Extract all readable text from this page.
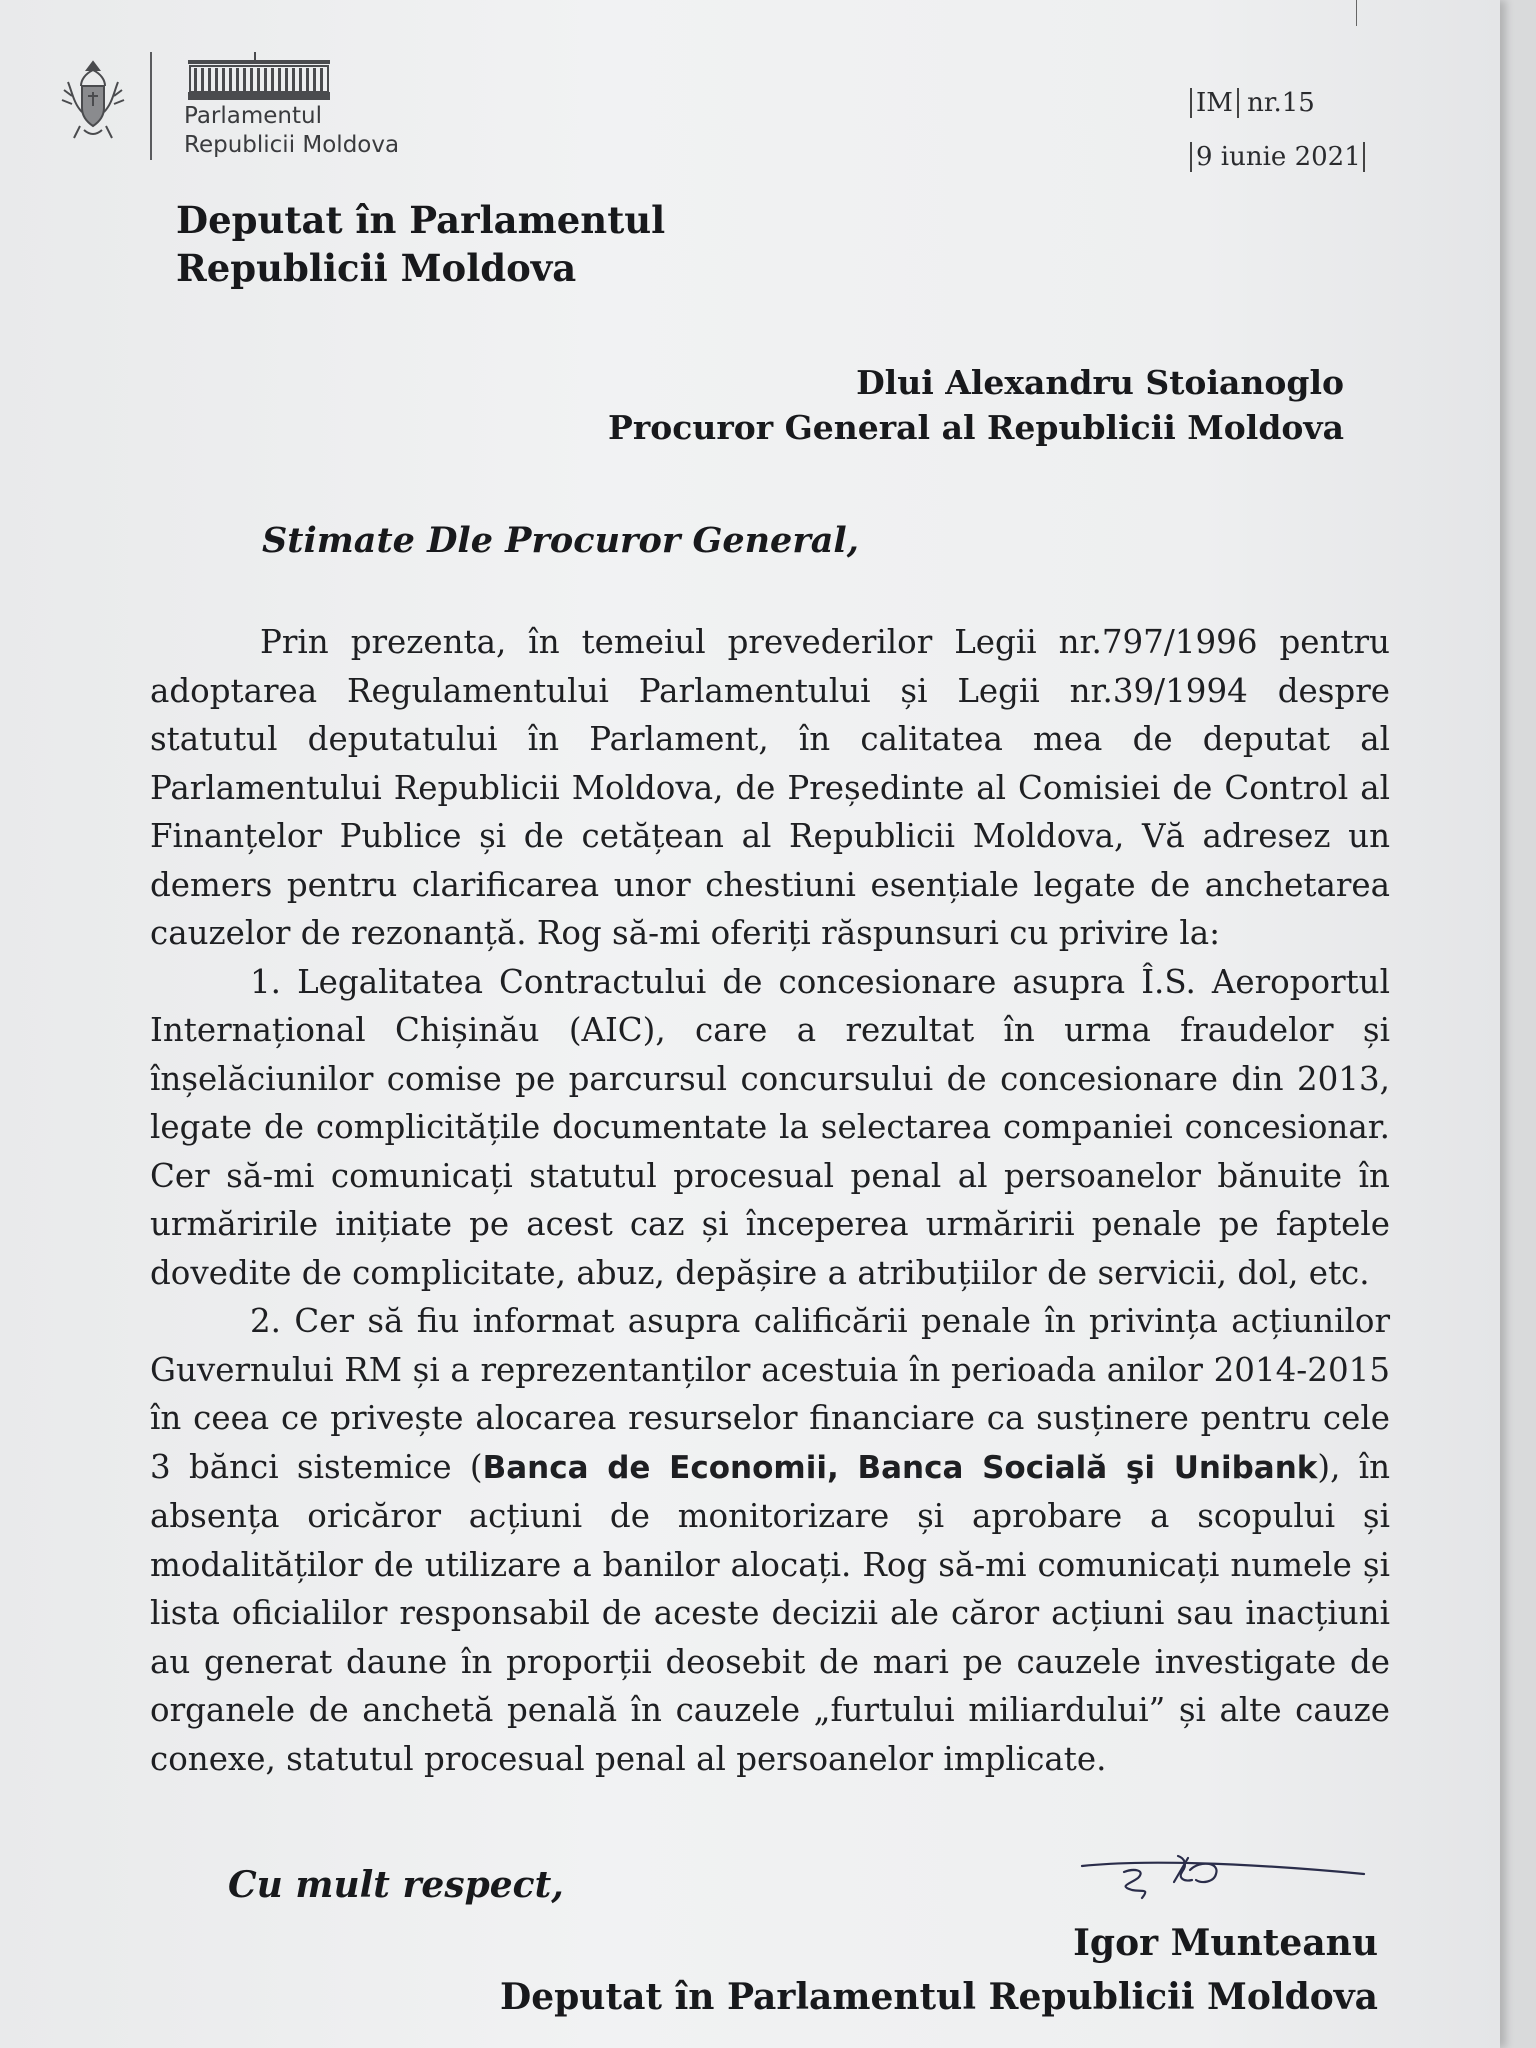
Parlamentul
Republicii Moldova
IM nr.15
9 iunie 2021
Deputat în Parlamentul
Republicii Moldova
Dlui Alexandru Stoianoglo
Procuror General al Republicii Moldova
Stimate Dle Procuror General,

Prin prezenta, în temeiul prevederilor Legii nr.797/1996 pentru adoptarea Regulamentului Parlamentului și Legii nr.39/1994 despre statutul deputatului în Parlament, în calitatea mea de deputat al Parlamentului Republicii Moldova, de Președinte al Comisiei de Control al Finanțelor Publice și de cetățean al Republicii Moldova, Vă adresez un demers pentru clarificarea unor chestiuni esențiale legate de anchetarea cauzelor de rezonanță. Rog să-mi oferiți răspunsuri cu privire la:

1. Legalitatea Contractului de concesionare asupra Î.S. Aeroportul Internațional Chișinău (AIC), care a rezultat în urma fraudelor și înșelăciunilor comise pe parcursul concursului de concesionare din 2013, legate de complicitățile documentate la selectarea companiei concesionar. Cer să-mi comunicați statutul procesual penal al persoanelor bănuite în urmăririle inițiate pe acest caz și începerea urmăririi penale pe faptele dovedite de complicitate, abuz, depășire a atribuțiilor de servicii, dol, etc.

2. Cer să fiu informat asupra calificării penale în privința acțiunilor Guvernului RM și a reprezentanților acestuia în perioada anilor 2014-2015 în ceea ce privește alocarea resurselor financiare ca susținere pentru cele 3 bănci sistemice (Banca de Economii, Banca Socială şi Unibank), în absența oricăror acțiuni de monitorizare și aprobare a scopului și modalităților de utilizare a banilor alocați. Rog să-mi comunicați numele și lista oficialilor responsabil de aceste decizii ale căror acțiuni sau inacțiuni au generat daune în proporții deosebit de mari pe cauzele investigate de organele de anchetă penală în cauzele „furtului miliardului” și alte cauze conexe, statutul procesual penal al persoanelor implicate.

Cu mult respect,
Igor Munteanu
Deputat în Parlamentul Republicii Moldova
